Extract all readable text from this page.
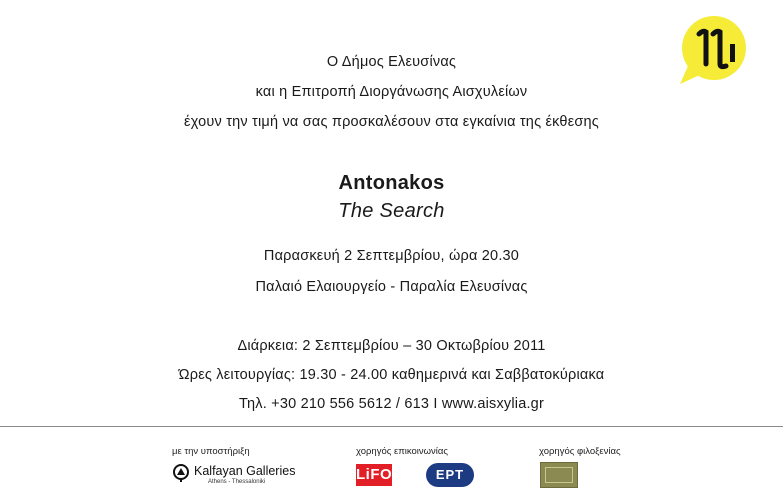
Ο Δήμος Ελευσίνας
και η Επιτροπή Διοργάνωσης Αισχυλείων
έχουν την τιμή να σας προσκαλέσουν στα εγκαίνια της έκθεσης
Antonakos
The Search
Παρασκευή 2 Σεπτεμβρίου, ώρα 20.30
Παλαιό Ελαιουργείο - Παραλία Ελευσίνας
Διάρκεια: 2 Σεπτεμβρίου – 30 Οκτωβρίου 2011
Ώρες λειτουργίας: 19.30 - 24.00 καθημερινά και Σαββατοκύριακα
Τηλ. +30 210 556 5612 / 613 I www.aisxylia.gr
με την υποστήριξη	χορηγός επικοινωνίας	χορηγός φιλοξενίας
Kalfayan Galleries
Athens - Thessaloniki	LiFO	ΕΡΤ
